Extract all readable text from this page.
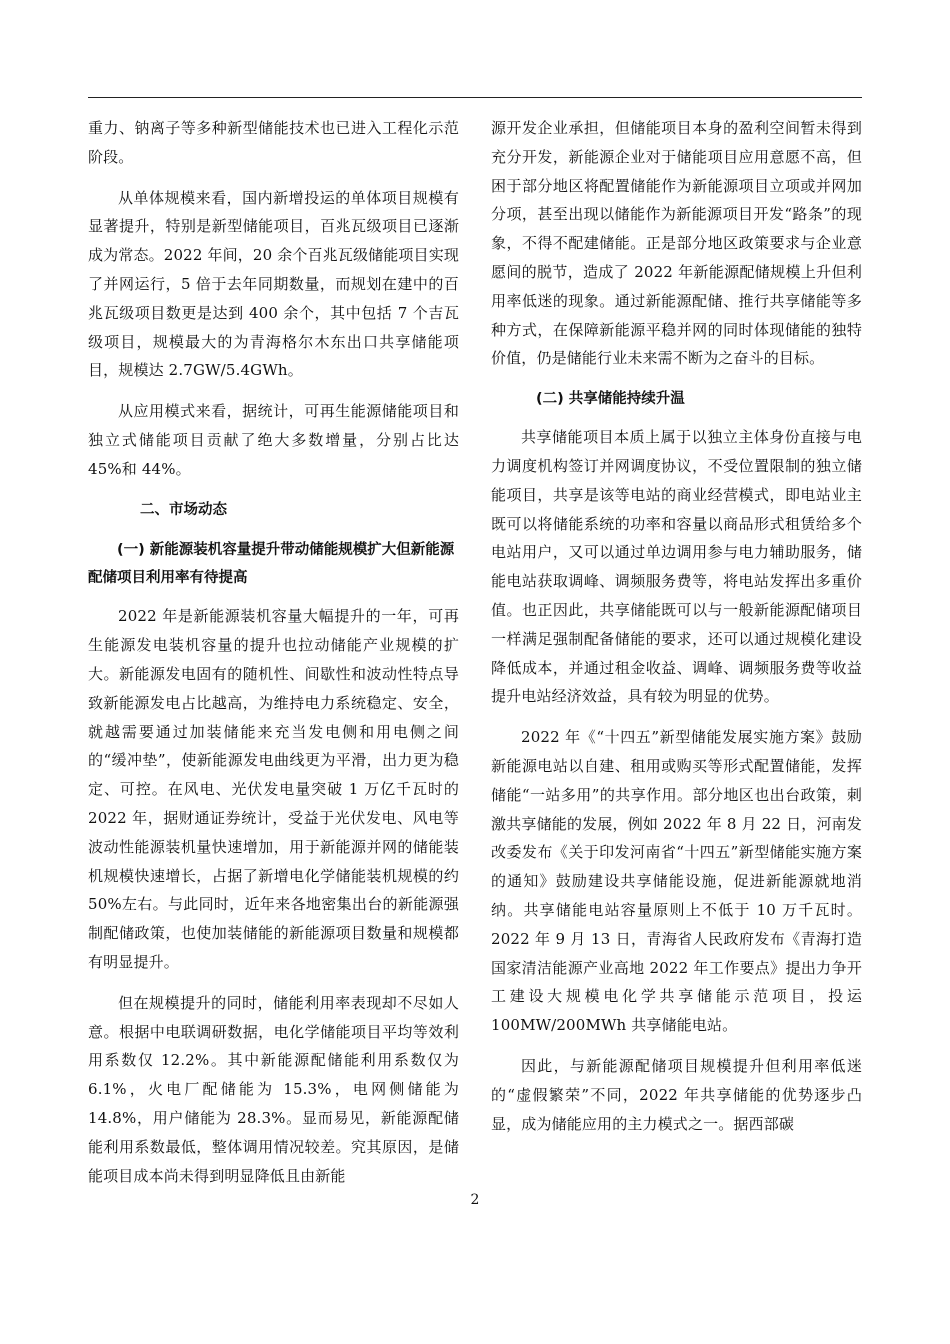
重力、钠离子等多种新型储能技术也已进入工程化示范阶段。

从单体规模来看，国内新增投运的单体项目规模有显著提升，特别是新型储能项目，百兆瓦级项目已逐渐成为常态。2022 年间，20 余个百兆瓦级储能项目实现了并网运行，5 倍于去年同期数量，而规划在建中的百兆瓦级项目数更是达到 400 余个，其中包括 7 个吉瓦级项目，规模最大的为青海格尔木东出口共享储能项目，规模达 2.7GW/5.4GWh。

从应用模式来看，据统计，可再生能源储能项目和独立式储能项目贡献了绝大多数增量，分别占比达 45%和 44%。

二、市场动态
(一) 新能源装机容量提升带动储能规模扩大但新能源配储项目利用率有待提高

2022 年是新能源装机容量大幅提升的一年，可再生能源发电装机容量的提升也拉动储能产业规模的扩大。新能源发电固有的随机性、间歇性和波动性特点导致新能源发电占比越高，为维持电力系统稳定、安全，就越需要通过加装储能来充当发电侧和用电侧之间的“缓冲垫”，使新能源发电曲线更为平滑，出力更为稳定、可控。在风电、光伏发电量突破 1 万亿千瓦时的 2022 年，据财通证券统计，受益于光伏发电、风电等波动性能源装机量快速增加，用于新能源并网的储能装机规模快速增长，占据了新增电化学储能装机规模的约 50%左右。与此同时，近年来各地密集出台的新能源强制配储政策，也使加装储能的新能源项目数量和规模都有明显提升。

但在规模提升的同时，储能利用率表现却不尽如人意。根据中电联调研数据，电化学储能项目平均等效利用系数仅 12.2%。其中新能源配储能利用系数仅为 6.1%，火电厂配储能为 15.3%，电网侧储能为 14.8%，用户储能为 28.3%。显而易见，新能源配储能利用系数最低，整体调用情况较差。究其原因，是储能项目成本尚未得到明显降低且由新能

源开发企业承担，但储能项目本身的盈利空间暂未得到充分开发，新能源企业对于储能项目应用意愿不高，但困于部分地区将配置储能作为新能源项目立项或并网加分项，甚至出现以储能作为新能源项目开发“路条”的现象，不得不配建储能。正是部分地区政策要求与企业意愿间的脱节，造成了 2022 年新能源配储规模上升但利用率低迷的现象。通过新能源配储、推行共享储能等多种方式，在保障新能源平稳并网的同时体现储能的独特价值，仍是储能行业未来需不断为之奋斗的目标。

(二) 共享储能持续升温

共享储能项目本质上属于以独立主体身份直接与电力调度机构签订并网调度协议，不受位置限制的独立储能项目，共享是该等电站的商业经营模式，即电站业主既可以将储能系统的功率和容量以商品形式租赁给多个电站用户，又可以通过单边调用参与电力辅助服务，储能电站获取调峰、调频服务费等，将电站发挥出多重价值。也正因此，共享储能既可以与一般新能源配储项目一样满足强制配备储能的要求，还可以通过规模化建设降低成本，并通过租金收益、调峰、调频服务费等收益提升电站经济效益，具有较为明显的优势。

2022 年《“十四五”新型储能发展实施方案》鼓励新能源电站以自建、租用或购买等形式配置储能，发挥储能“一站多用”的共享作用。部分地区也出台政策，刺激共享储能的发展，例如 2022 年 8 月 22 日，河南发改委发布《关于印发河南省“十四五”新型储能实施方案的通知》鼓励建设共享储能设施，促进新能源就地消纳。共享储能电站容量原则上不低于 10 万千瓦时。2022 年 9 月 13 日，青海省人民政府发布《青海打造国家清洁能源产业高地 2022 年工作要点》提出力争开工建设大规模电化学共享储能示范项目，投运 100MW/200MWh 共享储能电站。

因此，与新能源配储项目规模提升但利用率低迷的“虚假繁荣”不同，2022 年共享储能的优势逐步凸显，成为储能应用的主力模式之一。据西部碳

2
